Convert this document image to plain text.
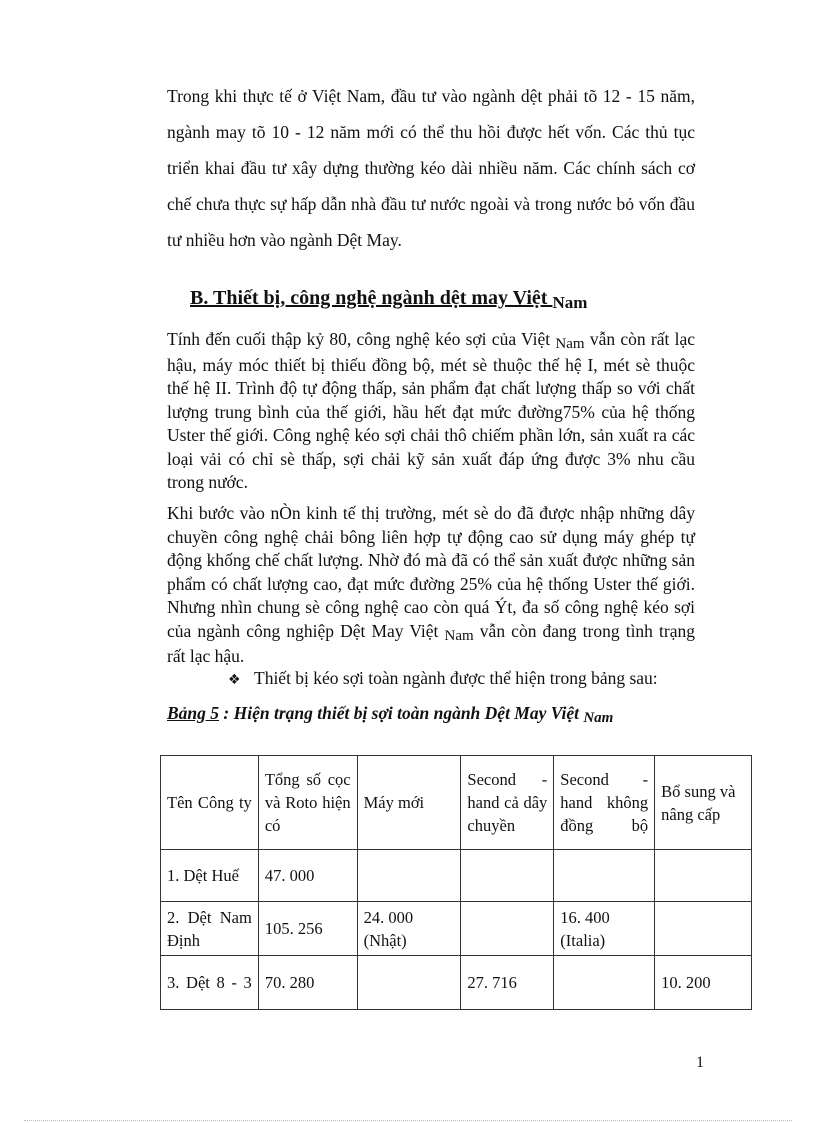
Trong khi thực tế ở Việt Nam, đầu tư vào ngành dệt phải tõ 12 - 15 năm, ngành may tõ 10 - 12 năm mới có thể thu hồi được hết vốn. Các thủ tục triển khai đầu tư xây dựng thường kéo dài nhiều năm. Các chính sách cơ chế chưa thực sự hấp dẫn nhà đầu tư nước ngoài và trong nước bỏ vốn đầu tư nhiều hơn vào ngành Dệt May.

B. Thiết bị, công nghệ ngành dệt may Việt $_{Nam}$

Tính đến cuối thập kỷ 80, công nghệ kéo sợi của Việt Nam vẫn còn rất lạc hậu, máy móc thiết bị thiếu đồng bộ, mét sè thuộc thế hệ I, mét sè thuộc thế hệ II. Trình độ tự động thấp, sản phẩm đạt chất lượng thấp so với chất lượng trung bình của thế giới, hầu hết đạt mức đường75% của hệ thống Uster thế giới. Công nghệ kéo sợi chải thô chiếm phần lớn, sản xuất ra các loại vải có chỉ sè thấp, sợi chải kỹ sản xuất đáp ứng được 3% nhu cầu trong nước.

Khi bước vào nÒn kinh tế thị trường, mét sè do đã được nhập những dây chuyền công nghệ chải bông liên hợp tự động cao sử dụng máy ghép tự động khống chế chất lượng. Nhờ đó mà đã có thể sản xuất được những sản phẩm có chất lượng cao, đạt mức đường 25% của hệ thống Uster thế giới. Nhưng nhìn chung sè công nghệ cao còn quá Ýt, đa số công nghệ kéo sợi của ngành công nghiệp Dệt May Việt Nam vẫn còn đang trong tình trạng rất lạc hậu.

❖ Thiết bị kéo sợi toàn ngành được thể hiện trong bảng sau:
Bảng 5 : Hiện trạng thiết bị sợi toàn ngành Dệt May Việt Nam
Tên Công ty	Tổng số cọc và Roto hiện có	Máy mới	Second - hand cả dây chuyền	Second - hand không đồng bộ	Bổ sung và nâng cấp
1. Dệt Huế	47. 000				
2. Dệt Nam Định	105. 256	24. 000 (Nhật)		16. 400 (Italia)	
3. Dệt 8 - 3	70. 280		27. 716		10. 200
1
